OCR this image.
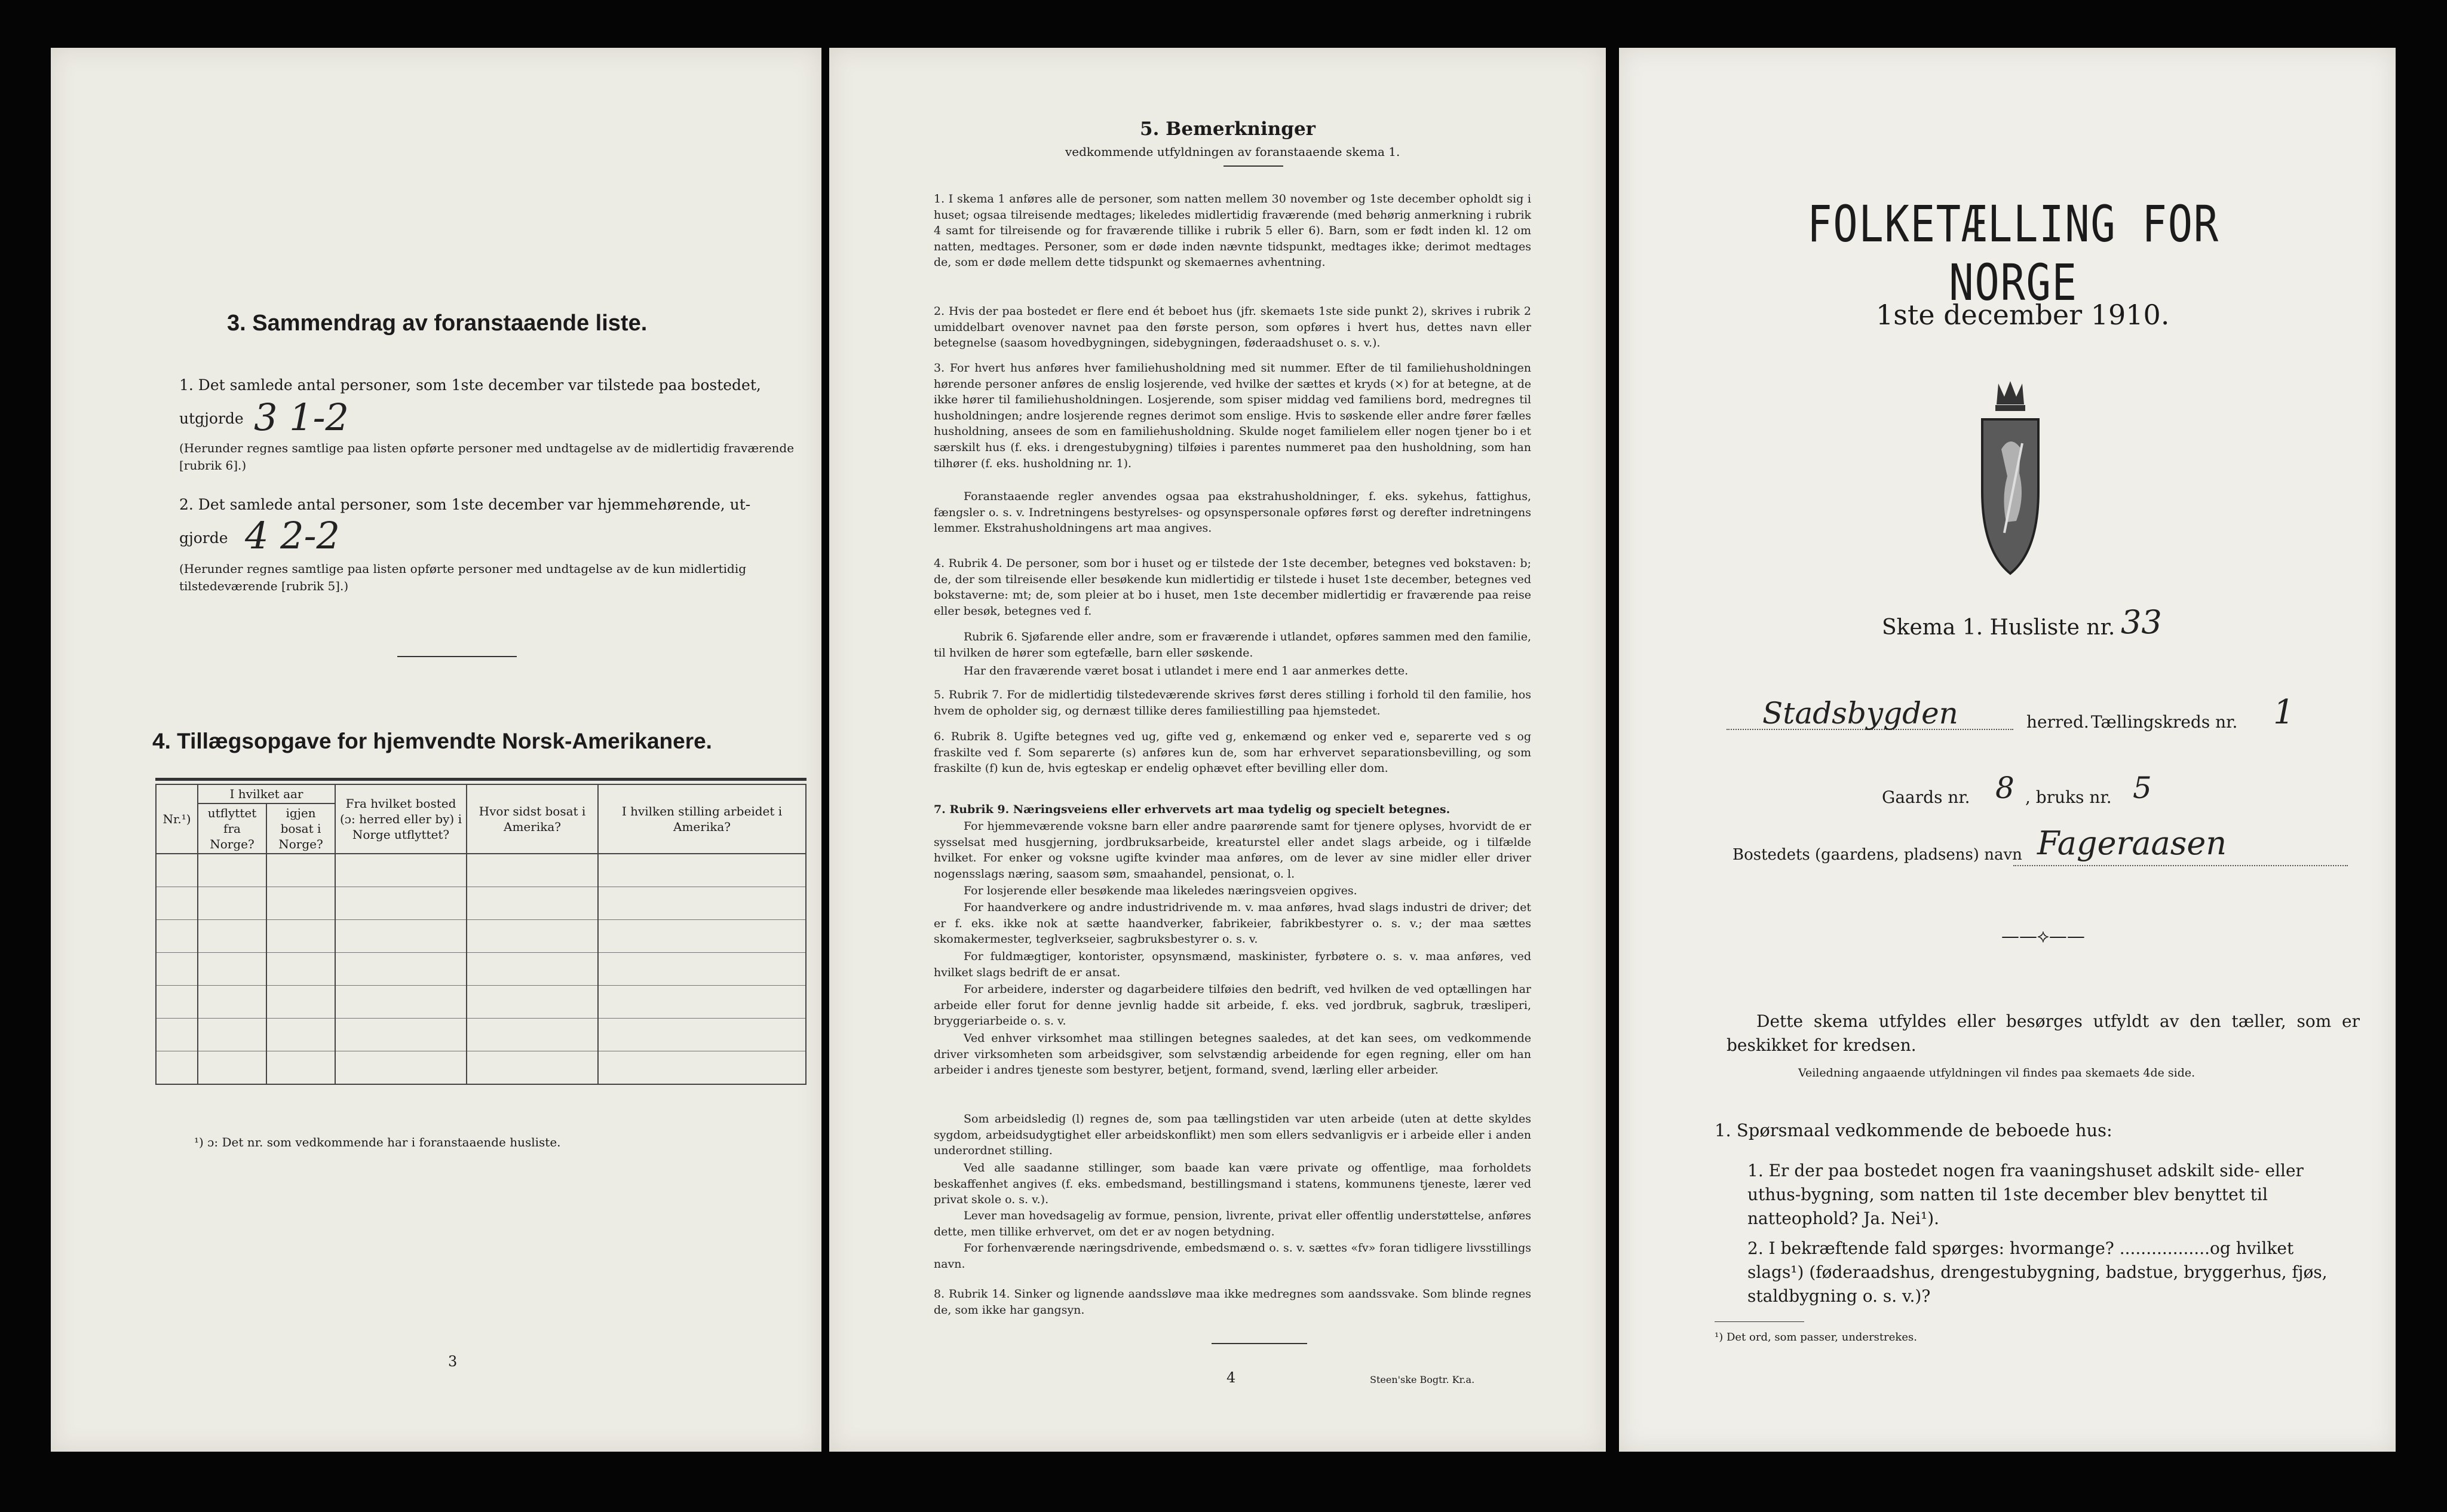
3. Sammendrag av foranstaaende liste.
1. Det samlede antal personer, som 1ste december var tilstede paa bostedet,
utgjorde 3 1-2
(Herunder regnes samtlige paa listen opførte personer med undtagelse av de midlertidig fraværende [rubrik 6].)
2. Det samlede antal personer, som 1ste december var hjemmehørende, ut-
gjorde 4 2-2
(Herunder regnes samtlige paa listen opførte personer med undtagelse av de kun midlertidig tilstedeværende [rubrik 5].)
4. Tillægsopgave for hjemvendte Norsk-Amerikanere.
Nr.¹)	I hvilket aar		Fra hvilket bosted (ɔ: herred eller by) i Norge utflyttet?	Hvor sidst bosat i Amerika?	I hvilken stilling arbeidet i Amerika?
	utflyttet fra Norge?	igjen bosat i Norge?			

¹) ɔ: Det nr. som vedkommende har i foranstaaende husliste.
3
5. Bemerkninger
vedkommende utfyldningen av foranstaaende skema 1.
1. I skema 1 anføres alle de personer, som natten mellem 30 november og 1ste december opholdt sig i huset; ogsaa tilreisende medtages; likeledes midlertidig fraværende (med behørig anmerkning i rubrik 4 samt for tilreisende og for fraværende tillike i rubrik 5 eller 6). Barn, som er født inden kl. 12 om natten, medtages. Personer, som er døde inden nævnte tidspunkt, medtages ikke; derimot medtages de, som er døde mellem dette tidspunkt og skemaernes avhentning.
2. Hvis der paa bostedet er flere end ét beboet hus (jfr. skemaets 1ste side punkt 2), skrives i rubrik 2 umiddelbart ovenover navnet paa den første person, som opføres i hvert hus, dettes navn eller betegnelse (saasom hovedbygningen, sidebygningen, føderaadshuset o. s. v.).
3. For hvert hus anføres hver familiehusholdning med sit nummer. Efter de til familiehusholdningen hørende personer anføres de enslig losjerende, ved hvilke der sættes et kryds (×) for at betegne, at de ikke hører til familiehusholdningen. Losjerende, som spiser middag ved familiens bord, medregnes til husholdningen; andre losjerende regnes derimot som enslige. Hvis to søskende eller andre fører fælles husholdning, ansees de som en familiehusholdning. Skulde noget familielem eller nogen tjener bo i et særskilt hus (f. eks. i drengestubygning) tilføies i parentes nummeret paa den husholdning, som han tilhører (f. eks. husholdning nr. 1).
Foranstaaende regler anvendes ogsaa paa ekstrahusholdninger, f. eks. sykehus, fattighus, fængsler o. s. v. Indretningens bestyrelses- og opsynspersonale opføres først og derefter indretningens lemmer. Ekstrahusholdningens art maa angives.
4. Rubrik 4. De personer, som bor i huset og er tilstede der 1ste december, betegnes ved bokstaven: b; de, der som tilreisende eller besøkende kun midlertidig er tilstede i huset 1ste december, betegnes ved bokstaverne: mt; de, som pleier at bo i huset, men 1ste december midlertidig er fraværende paa reise eller besøk, betegnes ved f.
Rubrik 6. Sjøfarende eller andre, som er fraværende i utlandet, opføres sammen med den familie, til hvilken de hører som egtefælle, barn eller søskende.
Har den fraværende været bosat i utlandet i mere end 1 aar anmerkes dette.
5. Rubrik 7. For de midlertidig tilstedeværende skrives først deres stilling i forhold til den familie, hos hvem de opholder sig, og dernæst tillike deres familiestilling paa hjemstedet.
6. Rubrik 8. Ugifte betegnes ved ug, gifte ved g, enkemænd og enker ved e, separerte ved s og fraskilte ved f. Som separerte (s) anføres kun de, som har erhvervet separationsbevilling, og som fraskilte (f) kun de, hvis egteskap er endelig ophævet efter bevilling eller dom.
7. Rubrik 9. Næringsveiens eller erhvervets art maa tydelig og specielt betegnes.
For hjemmeværende voksne barn eller andre paarørende samt for tjenere oplyses, hvorvidt de er sysselsat med husgjerning, jordbruksarbeide, kreaturstel eller andet slags arbeide, og i tilfælde hvilket. For enker og voksne ugifte kvinder maa anføres, om de lever av sine midler eller driver nogensslags næring, saasom søm, smaahandel, pensionat, o. l.
For losjerende eller besøkende maa likeledes næringsveien opgives.
For haandverkere og andre industridrivende m. v. maa anføres, hvad slags industri de driver; det er f. eks. ikke nok at sætte haandverker, fabrikeier, fabrikbestyrer o. s. v.; der maa sættes skomakermester, teglverkseier, sagbruksbestyrer o. s. v.
For fuldmægtiger, kontorister, opsynsmænd, maskinister, fyrbøtere o. s. v. maa anføres, ved hvilket slags bedrift de er ansat.
For arbeidere, inderster og dagarbeidere tilføies den bedrift, ved hvilken de ved optællingen har arbeide eller forut for denne jevnlig hadde sit arbeide, f. eks. ved jordbruk, sagbruk, træsliperi, bryggeriarbeide o. s. v.
Ved enhver virksomhet maa stillingen betegnes saaledes, at det kan sees, om vedkommende driver virksomheten som arbeidsgiver, som selvstændig arbeidende for egen regning, eller om han arbeider i andres tjeneste som bestyrer, betjent, formand, svend, lærling eller arbeider.
Som arbeidsledig (l) regnes de, som paa tællingstiden var uten arbeide (uten at dette skyldes sygdom, arbeidsudygtighet eller arbeidskonflikt) men som ellers sedvanligvis er i arbeide eller i anden underordnet stilling.
Ved alle saadanne stillinger, som baade kan være private og offentlige, maa forholdets beskaffenhet angives (f. eks. embedsmand, bestillingsmand i statens, kommunens tjeneste, lærer ved privat skole o. s. v.).
Lever man hovedsagelig av formue, pension, livrente, privat eller offentlig understøttelse, anføres dette, men tillike erhvervet, om det er av nogen betydning.
For forhenværende næringsdrivende, embedsmænd o. s. v. sættes «fv» foran tidligere livsstillings navn.
8. Rubrik 14. Sinker og lignende aandssløve maa ikke medregnes som aandssvake. Som blinde regnes de, som ikke har gangsyn.
4	Steen'ske Bogtr. Kr.a.
FOLKETÆLLING FOR NORGE
1ste december 1910.
Skema 1. Husliste nr. 33
Stadsbygden	herred. Tællingskreds nr. 1
Gaards nr. 8 , bruks nr. 5
Bostedets (gaardens, pladsens) navn Fageraasen
——⟡——
Dette skema utfyldes eller besørges utfyldt av den tæller, som er beskikket for kredsen.
Veiledning angaaende utfyldningen vil findes paa skemaets 4de side.
1. Spørsmaal vedkommende de beboede hus:
1. Er der paa bostedet nogen fra vaaningshuset adskilt side- eller uthus-bygning, som natten til 1ste december blev benyttet til natteophold? Ja. Nei¹).
2. I bekræftende fald spørges: hvormange? .................og hvilket slags¹) (føderaadshus, drengestubygning, badstue, bryggerhus, fjøs, staldbygning o. s. v.)?
¹) Det ord, som passer, understrekes.
